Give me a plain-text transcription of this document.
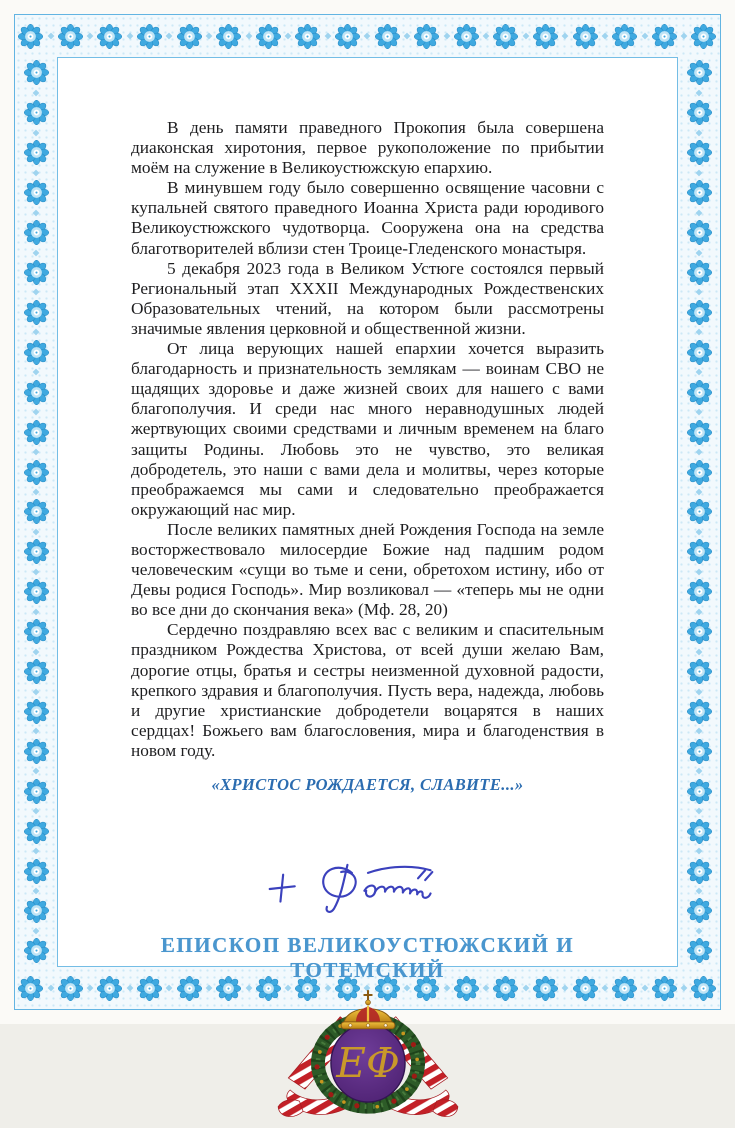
В день памяти праведного Прокопия была совершена диаконская хиротония, первое рукоположение по прибытии моём на служение в Великоустюжскую епархию.

В минувшем году было совершенно освящение часовни с купальней святого праведного Иоанна Христа ради юродивого Великоустюжского чудотворца. Сооружена она на средства благотворителей вблизи стен Троице-Гледенского монастыря.

5 декабря 2023 года в Великом Устюге состоялся первый Региональный этап XXXII Международных Рождественских Образовательных чтений, на котором были рассмотрены значимые явления церковной и общественной жизни.

От лица верующих нашей епархии хочется выразить благодарность и признательность землякам — воинам СВО не щадящих здоровье и даже жизней своих для нашего с вами благополучия. И среди нас много неравнодушных людей жертвующих своими средствами и личным временем на благо защиты Родины. Любовь это не чувство, это великая добродетель, это наши с вами дела и молитвы, через которые преображаемся мы сами и следовательно преображается окружающий нас мир.

После великих памятных дней Рождения Господа на земле восторжествовало милосердие Божие над падшим родом человеческим «сущи во тьме и сени, обретохом истину, ибо от Девы родися Господь». Мир возликовал — «теперь мы не одни во все дни до скончания века» (Мф. 28, 20)

Сердечно поздравляю всех вас с великим и спасительным праздником Рождества Христова, от всей души желаю Вам, дорогие отцы, братья и сестры неизменной духовной радости, крепкого здравия и благополучия. Пусть вера, надежда, любовь и другие христианские добродетели воцарятся в наших сердцах! Божьего вам благословения, мира и благоденствия в новом году.

«ХРИСТОС РОЖДАЕТСЯ, СЛАВИТЕ...»
ЕПИСКОП ВЕЛИКОУСТЮЖСКИЙ И ТОТЕМСКИЙ
ЕФ
